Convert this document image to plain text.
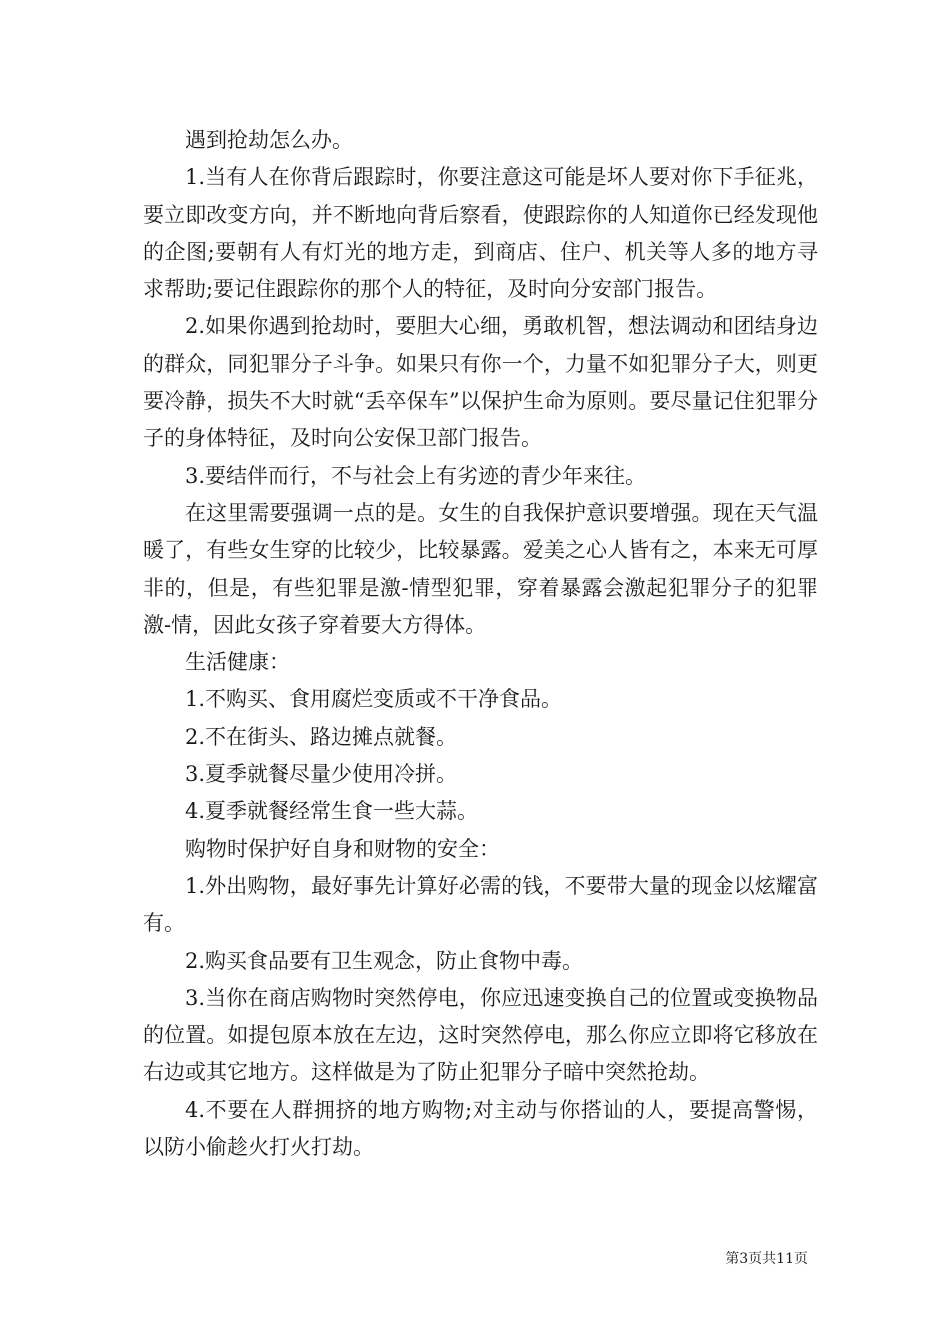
遇到抢劫怎么办。

1.当有人在你背后跟踪时，你要注意这可能是坏人要对你下手征兆，要立即改变方向，并不断地向背后察看，使跟踪你的人知道你已经发现他的企图;要朝有人有灯光的地方走，到商店、住户、机关等人多的地方寻求帮助;要记住跟踪你的那个人的特征，及时向分安部门报告。

2.如果你遇到抢劫时，要胆大心细，勇敢机智，想法调动和团结身边的群众，同犯罪分子斗争。如果只有你一个，力量不如犯罪分子大，则更要冷静，损失不大时就“丢卒保车”以保护生命为原则。要尽量记住犯罪分子的身体特征，及时向公安保卫部门报告。

3.要结伴而行，不与社会上有劣迹的青少年来往。

在这里需要强调一点的是。女生的自我保护意识要增强。现在天气温暖了，有些女生穿的比较少，比较暴露。爱美之心人皆有之，本来无可厚非的，但是，有些犯罪是激-情型犯罪，穿着暴露会激起犯罪分子的犯罪激-情，因此女孩子穿着要大方得体。

生活健康：

1.不购买、食用腐烂变质或不干净食品。

2.不在街头、路边摊点就餐。

3.夏季就餐尽量少使用冷拼。

4.夏季就餐经常生食一些大蒜。

购物时保护好自身和财物的安全：

1.外出购物，最好事先计算好必需的钱，不要带大量的现金以炫耀富有。

2.购买食品要有卫生观念，防止食物中毒。

3.当你在商店购物时突然停电，你应迅速变换自己的位置或变换物品的位置。如提包原本放在左边，这时突然停电，那么你应立即将它移放在右边或其它地方。这样做是为了防止犯罪分子暗中突然抢劫。

4.不要在人群拥挤的地方购物;对主动与你搭讪的人，要提高警惕，以防小偷趁火打火打劫。

第3页共11页
